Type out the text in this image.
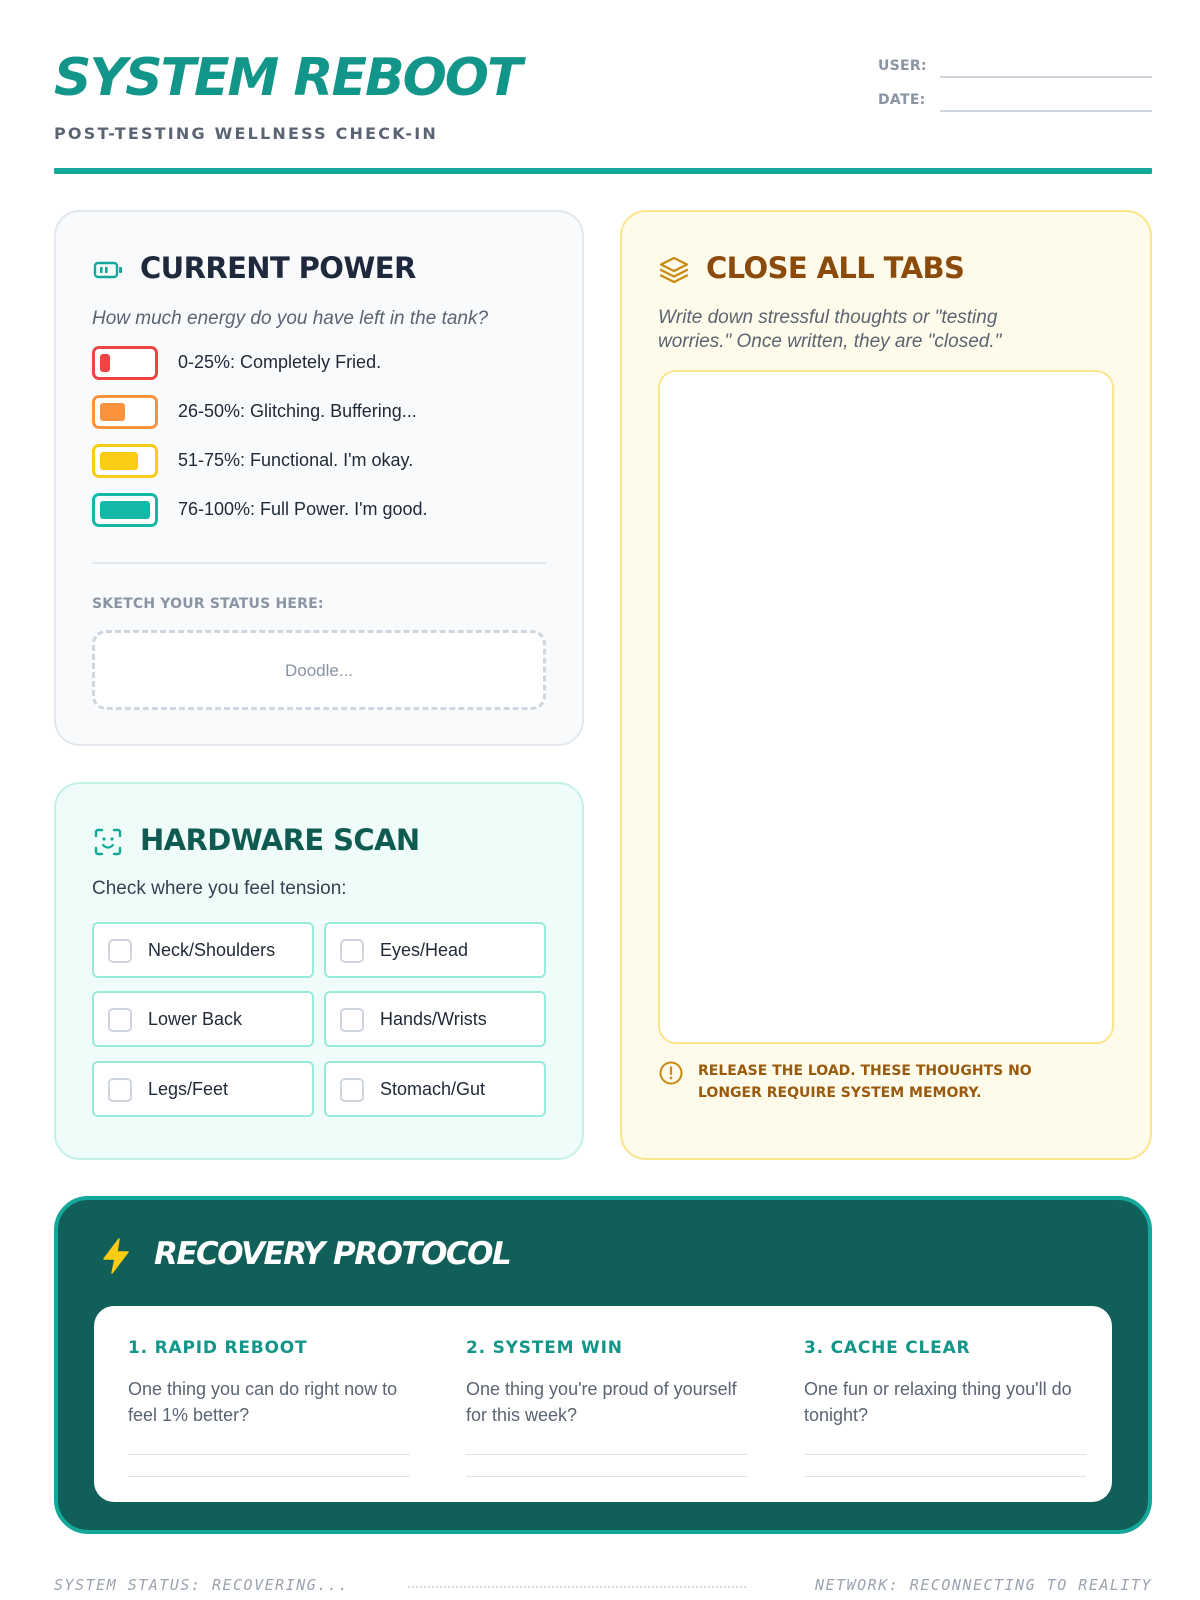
SYSTEM REBOOT
POST-TESTING WELLNESS CHECK-IN
USER:
DATE:
CURRENT POWER
How much energy do you have left in the tank?
0-25%: Completely Fried.
26-50%: Glitching. Buffering...
51-75%: Functional. I'm okay.
76-100%: Full Power. I'm good.
SKETCH YOUR STATUS HERE:
Doodle...
HARDWARE SCAN
Check where you feel tension:
Neck/Shoulders	Eyes/Head
Lower Back	Hands/Wrists
Legs/Feet	Stomach/Gut
CLOSE ALL TABS
Write down stressful thoughts or "testing worries." Once written, they are "closed."
RELEASE THE LOAD. THESE THOUGHTS NO LONGER REQUIRE SYSTEM MEMORY.
RECOVERY PROTOCOL
1. RAPID REBOOT
One thing you can do right now to feel 1% better?
2. SYSTEM WIN
One thing you're proud of yourself for this week?
3. CACHE CLEAR
One fun or relaxing thing you'll do tonight?
SYSTEM STATUS: RECOVERING...	NETWORK: RECONNECTING TO REALITY
